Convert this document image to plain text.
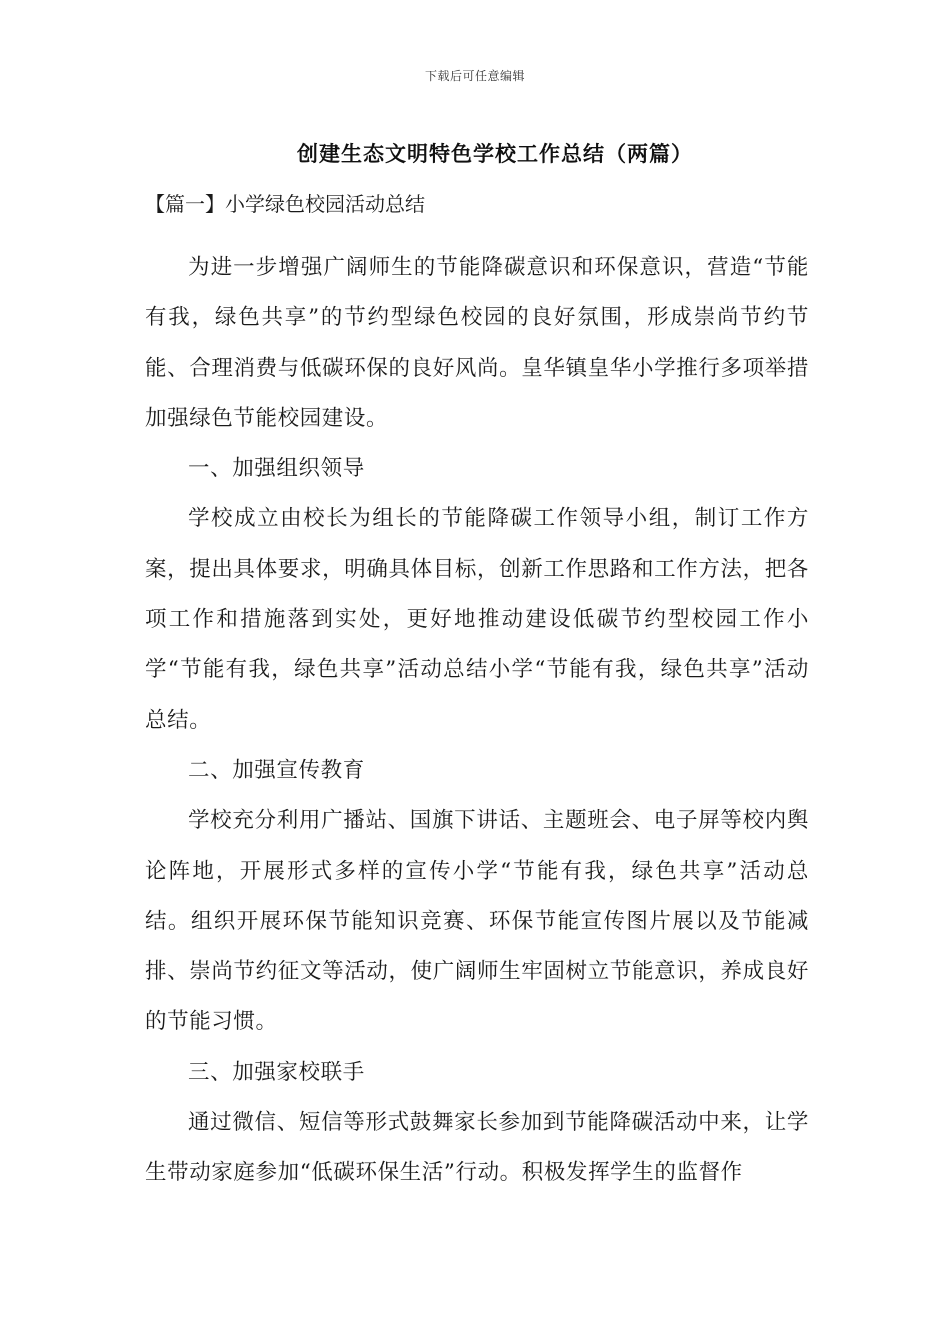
下载后可任意编辑
创建生态文明特色学校工作总结（两篇）
【篇一】小学绿色校园活动总结

为进一步增强广阔师生的节能降碳意识和环保意识，营造“节能有我，绿色共享”的节约型绿色校园的良好氛围，形成崇尚节约节能、合理消费与低碳环保的良好风尚。皇华镇皇华小学推行多项举措加强绿色节能校园建设。

一、加强组织领导

学校成立由校长为组长的节能降碳工作领导小组，制订工作方案，提出具体要求，明确具体目标，创新工作思路和工作方法，把各项工作和措施落到实处，更好地推动建设低碳节约型校园工作小学“节能有我，绿色共享”活动总结小学“节能有我，绿色共享”活动总结。

二、加强宣传教育

学校充分利用广播站、国旗下讲话、主题班会、电子屏等校内舆论阵地，开展形式多样的宣传小学“节能有我，绿色共享”活动总结。组织开展环保节能知识竞赛、环保节能宣传图片展以及节能减排、崇尚节约征文等活动，使广阔师生牢固树立节能意识，养成良好的节能习惯。

三、加强家校联手

通过微信、短信等形式鼓舞家长参加到节能降碳活动中来，让学生带动家庭参加“低碳环保生活”行动。积极发挥学生的监督作
